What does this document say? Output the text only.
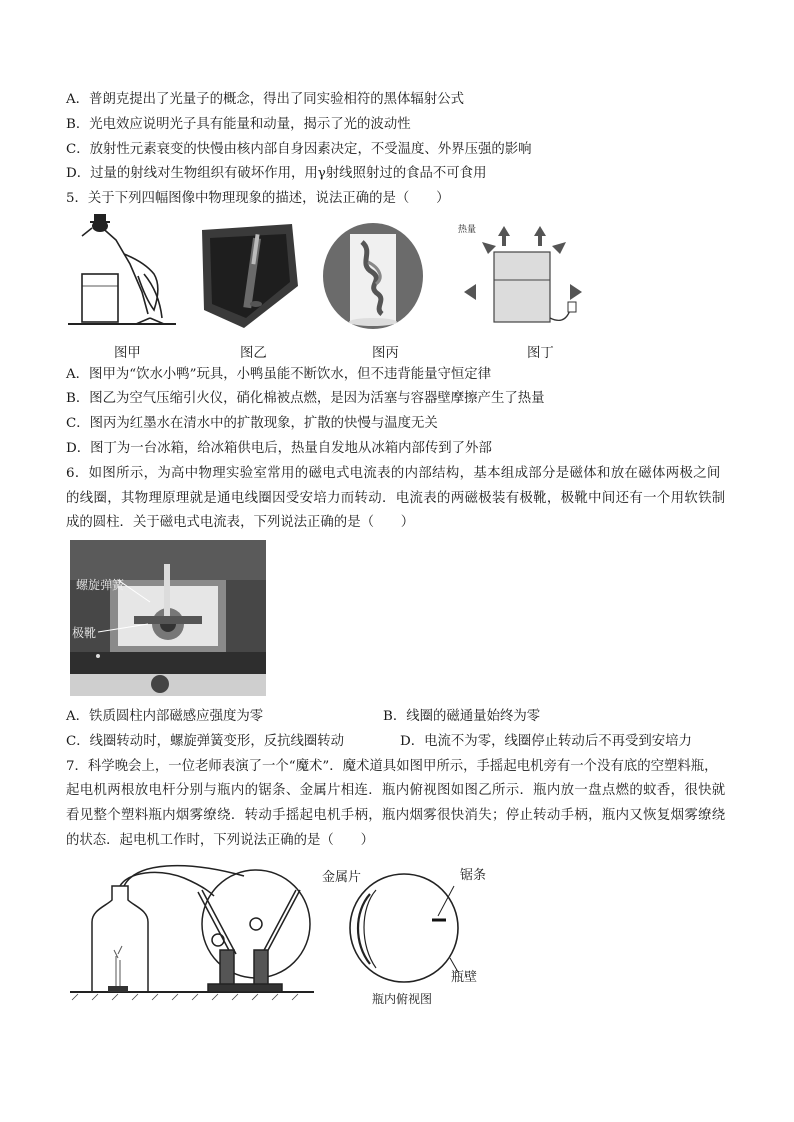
A．普朗克提出了光量子的概念，得出了同实验相符的黑体辐射公式
B．光电效应说明光子具有能量和动量，揭示了光的波动性
C．放射性元素衰变的快慢由核内部自身因素决定，不受温度、外界压强的影响
D．过量的射线对生物组织有破坏作用，用γ射线照射过的食品不可食用
5．关于下列四幅图像中物理现象的描述，说法正确的是（　　）
热量
图甲	图乙	图丙	图丁
A．图甲为“饮水小鸭”玩具，小鸭虽能不断饮水，但不违背能量守恒定律
B．图乙为空气压缩引火仪，硝化棉被点燃，是因为活塞与容器壁摩擦产生了热量
C．图丙为红墨水在清水中的扩散现象，扩散的快慢与温度无关
D．图丁为一台冰箱，给冰箱供电后，热量自发地从冰箱内部传到了外部
6．如图所示，为高中物理实验室常用的磁电式电流表的内部结构，基本组成部分是磁体和放在磁体两极之间
的线圈，其物理原理就是通电线圈因受安培力而转动．电流表的两磁极装有极靴，极靴中间还有一个用软铁制
成的圆柱．关于磁电式电流表，下列说法正确的是（　　）
螺旋弹簧
极靴
A．铁质圆柱内部磁感应强度为零	B．线圈的磁通量始终为零
C．线圈转动时，螺旋弹簧变形，反抗线圈转动	D．电流不为零，线圈停止转动后不再受到安培力
7．科学晚会上，一位老师表演了一个“魔术”．魔术道具如图甲所示，手摇起电机旁有一个没有底的空塑料瓶，
起电机两根放电杆分别与瓶内的锯条、金属片相连．瓶内俯视图如图乙所示．瓶内放一盘点燃的蚊香，很快就
看见整个塑料瓶内烟雾缭绕．转动手摇起电机手柄，瓶内烟雾很快消失；停止转动手柄，瓶内又恢复烟雾缭绕
的状态．起电机工作时，下列说法正确的是（　　）
金属片	锯条
瓶壁
瓶内俯视图
